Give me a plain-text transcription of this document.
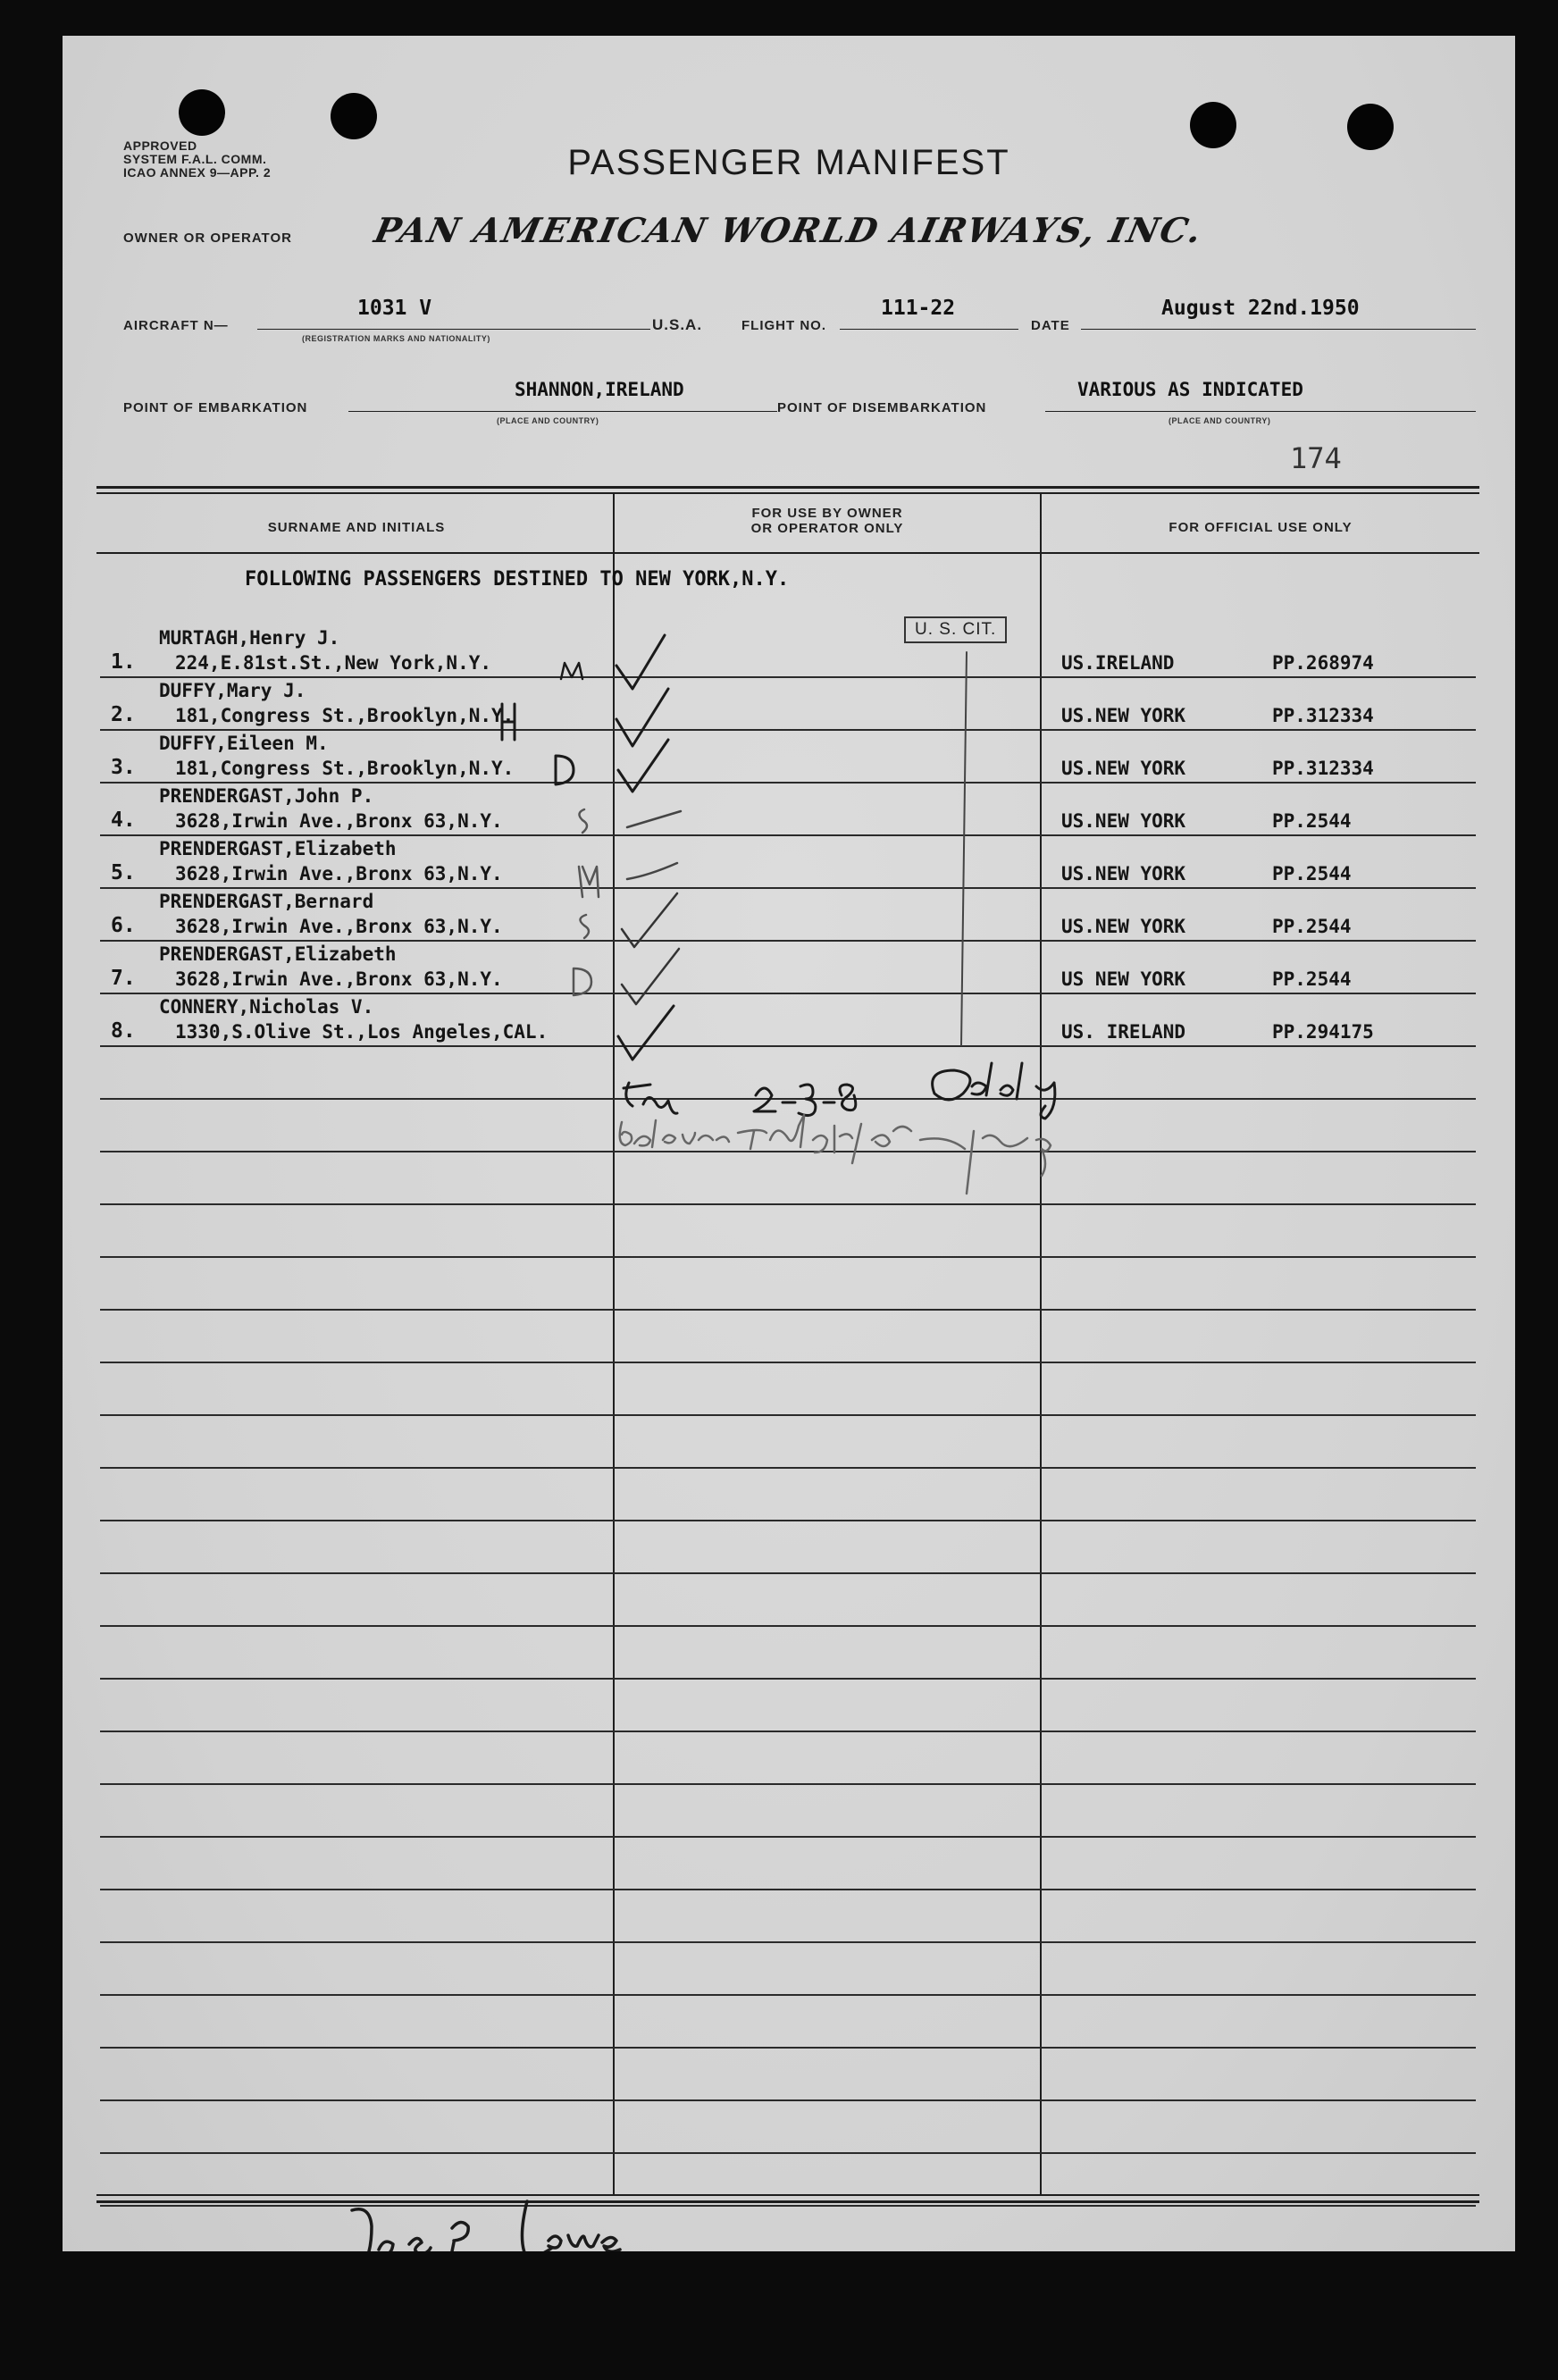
APPROVED
SYSTEM F.A.L. COMM.
ICAO ANNEX 9—APP. 2	PASSENGER MANIFEST
OWNER OR OPERATOR	PAN AMERICAN WORLD AIRWAYS, INC.
AIRCRAFT N—
1031 V
(REGISTRATION MARKS AND NATIONALITY)
U.S.A.	FLIGHT NO.
111-22
DATE
August 22nd.1950
POINT OF EMBARKATION
SHANNON,IRELAND
(PLACE AND COUNTRY)
POINT OF DISEMBARKATION
VARIOUS AS INDICATED
(PLACE AND COUNTRY)
174
SURNAME AND INITIALS
FOR USE BY OWNER
OR OPERATOR ONLY	FOR OFFICIAL USE ONLY
FOLLOWING PASSENGERS DESTINED TO NEW YORK,N.Y.
1.
MURTAGH,Henry J.
224,E.81st.St.,New York,N.Y.	US.IRELAND	PP.268974
2.
DUFFY,Mary J.
181,Congress St.,Brooklyn,N.Y.	US.NEW YORK	PP.312334
3.
DUFFY,Eileen M.
181,Congress St.,Brooklyn,N.Y.	US.NEW YORK	PP.312334
4.
PRENDERGAST,John P.
3628,Irwin Ave.,Bronx 63,N.Y.	US.NEW YORK	PP.2544
5.
PRENDERGAST,Elizabeth
3628,Irwin Ave.,Bronx 63,N.Y.	US.NEW YORK	PP.2544
6.
PRENDERGAST,Bernard
3628,Irwin Ave.,Bronx 63,N.Y.	US.NEW YORK	PP.2544
7.
PRENDERGAST,Elizabeth
3628,Irwin Ave.,Bronx 63,N.Y.	US NEW YORK	PP.2544
8.
CONNERY,Nicholas V.
1330,S.Olive St.,Los Angeles,CAL.	US. IRELAND	PP.294175
U. S. CIT.
